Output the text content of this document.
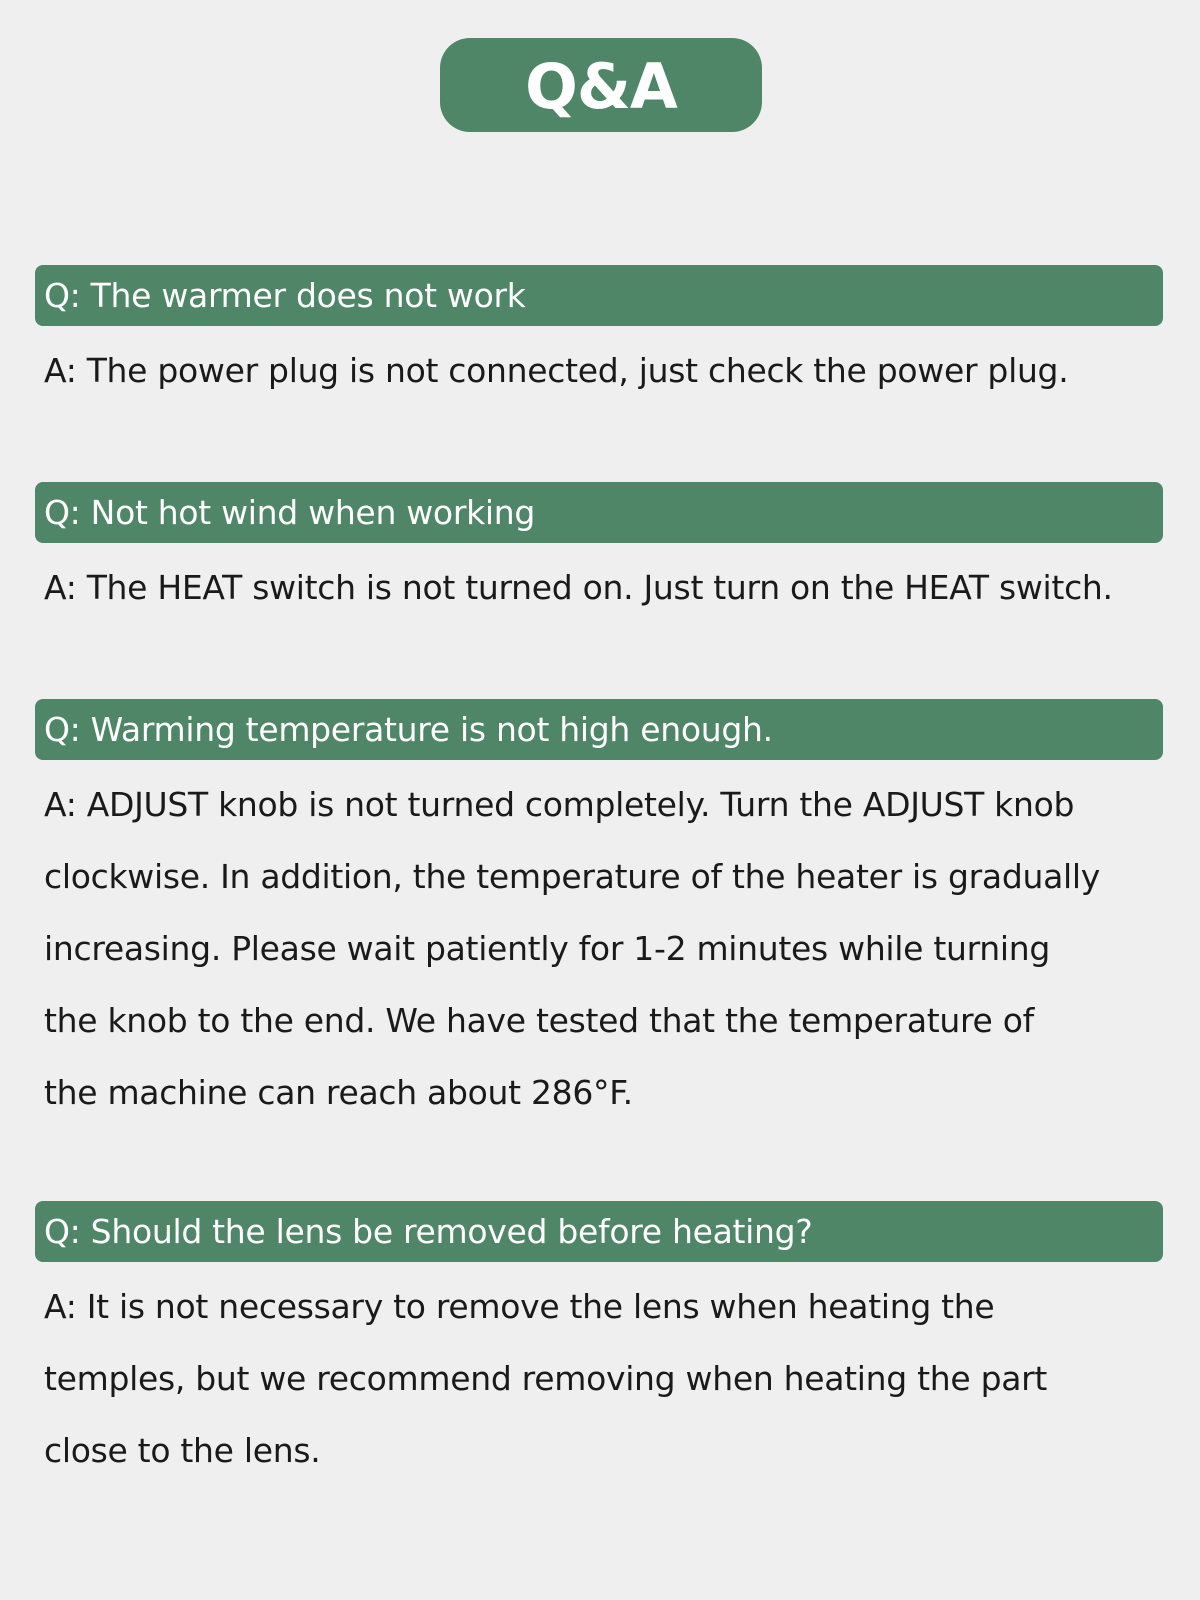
Q&A
Q: The warmer does not work

A: The power plug is not connected, just check the power plug.

Q: Not hot wind when working

A: The HEAT switch is not turned on. Just turn on the HEAT switch.

Q: Warming temperature is not high enough.

A: ADJUST knob is not turned completely. Turn the ADJUST knob

clockwise. In addition, the temperature of the heater is gradually

increasing. Please wait patiently for 1-2 minutes while turning

the knob to the end. We have tested that the temperature of

the machine can reach about 286°F.

Q: Should the lens be removed before heating?

A: It is not necessary to remove the lens when heating the

temples, but we recommend removing when heating the part

close to the lens.
